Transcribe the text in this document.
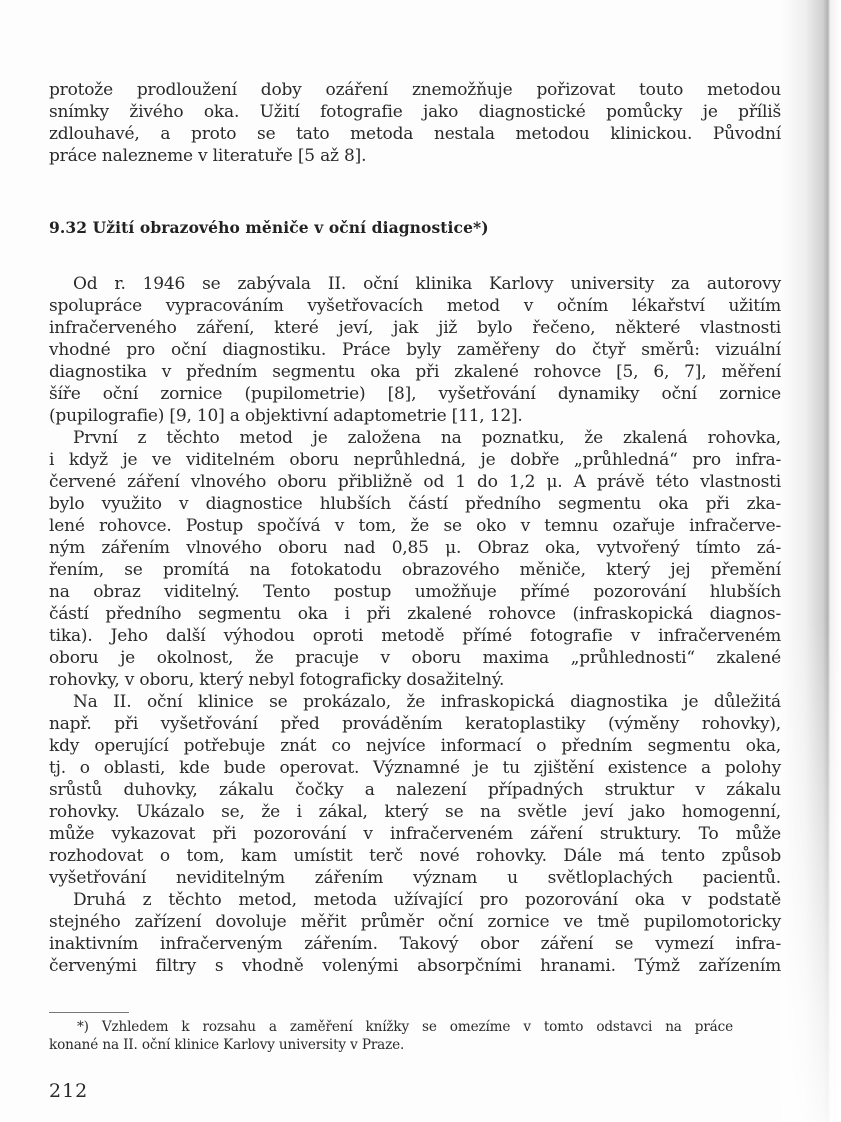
protože prodloužení doby ozáření znemožňuje pořizovat touto metodou
snímky živého oka. Užití fotografie jako diagnostické pomůcky je příliš
zdlouhavé, a proto se tato metoda nestala metodou klinickou. Původní
práce nalezneme v literatuře [5 až 8].
9.32 Užití obrazového měniče v oční diagnostice*)
Od r. 1946 se zabývala II. oční klinika Karlovy university za autorovy
spolupráce vypracováním vyšetřovacích metod v očním lékařství užitím
infračerveného záření, které jeví, jak již bylo řečeno, některé vlastnosti
vhodné pro oční diagnostiku. Práce byly zaměřeny do čtyř směrů: vizuální
diagnostika v předním segmentu oka při zkalené rohovce [5, 6, 7], měření
šíře oční zornice (pupilometrie) [8], vyšetřování dynamiky oční zornice
(pupilografie) [9, 10] a objektivní adaptometrie [11, 12].
První z těchto metod je založena na poznatku, že zkalená rohovka,
i když je ve viditelném oboru neprůhledná, je dobře „průhledná“ pro infra-
červené záření vlnového oboru přibližně od 1 do 1,2 μ. A právě této vlastnosti
bylo využito v diagnostice hlubších částí předního segmentu oka při zka-
lené rohovce. Postup spočívá v tom, že se oko v temnu ozařuje infračerve-
ným zářením vlnového oboru nad 0,85 μ. Obraz oka, vytvořený tímto zá-
řením, se promítá na fotokatodu obrazového měniče, který jej přemění
na obraz viditelný. Tento postup umožňuje přímé pozorování hlubších
částí předního segmentu oka i při zkalené rohovce (infraskopická diagnos-
tika). Jeho další výhodou oproti metodě přímé fotografie v infračerveném
oboru je okolnost, že pracuje v oboru maxima „průhlednosti“ zkalené
rohovky, v oboru, který nebyl fotograficky dosažitelný.
Na II. oční klinice se prokázalo, že infraskopická diagnostika je důležitá
např. při vyšetřování před prováděním keratoplastiky (výměny rohovky),
kdy operující potřebuje znát co nejvíce informací o předním segmentu oka,
tj. o oblasti, kde bude operovat. Významné je tu zjištění existence a polohy
srůstů duhovky, zákalu čočky a nalezení případných struktur v zákalu
rohovky. Ukázalo se, že i zákal, který se na světle jeví jako homogenní,
může vykazovat při pozorování v infračerveném záření struktury. To může
rozhodovat o tom, kam umístit terč nové rohovky. Dále má tento způsob
vyšetřování neviditelným zářením význam u světloplachých pacientů.
Druhá z těchto metod, metoda užívající pro pozorování oka v podstatě
stejného zařízení dovoluje měřit průměr oční zornice ve tmě pupilomotoricky
inaktivním infračerveným zářením. Takový obor záření se vymezí infra-
červenými filtry s vhodně volenými absorpčními hranami. Týmž zařízením
*) Vzhledem k rozsahu a zaměření knížky se omezíme v tomto odstavci na práce
konané na II. oční klinice Karlovy university v Praze.
212
